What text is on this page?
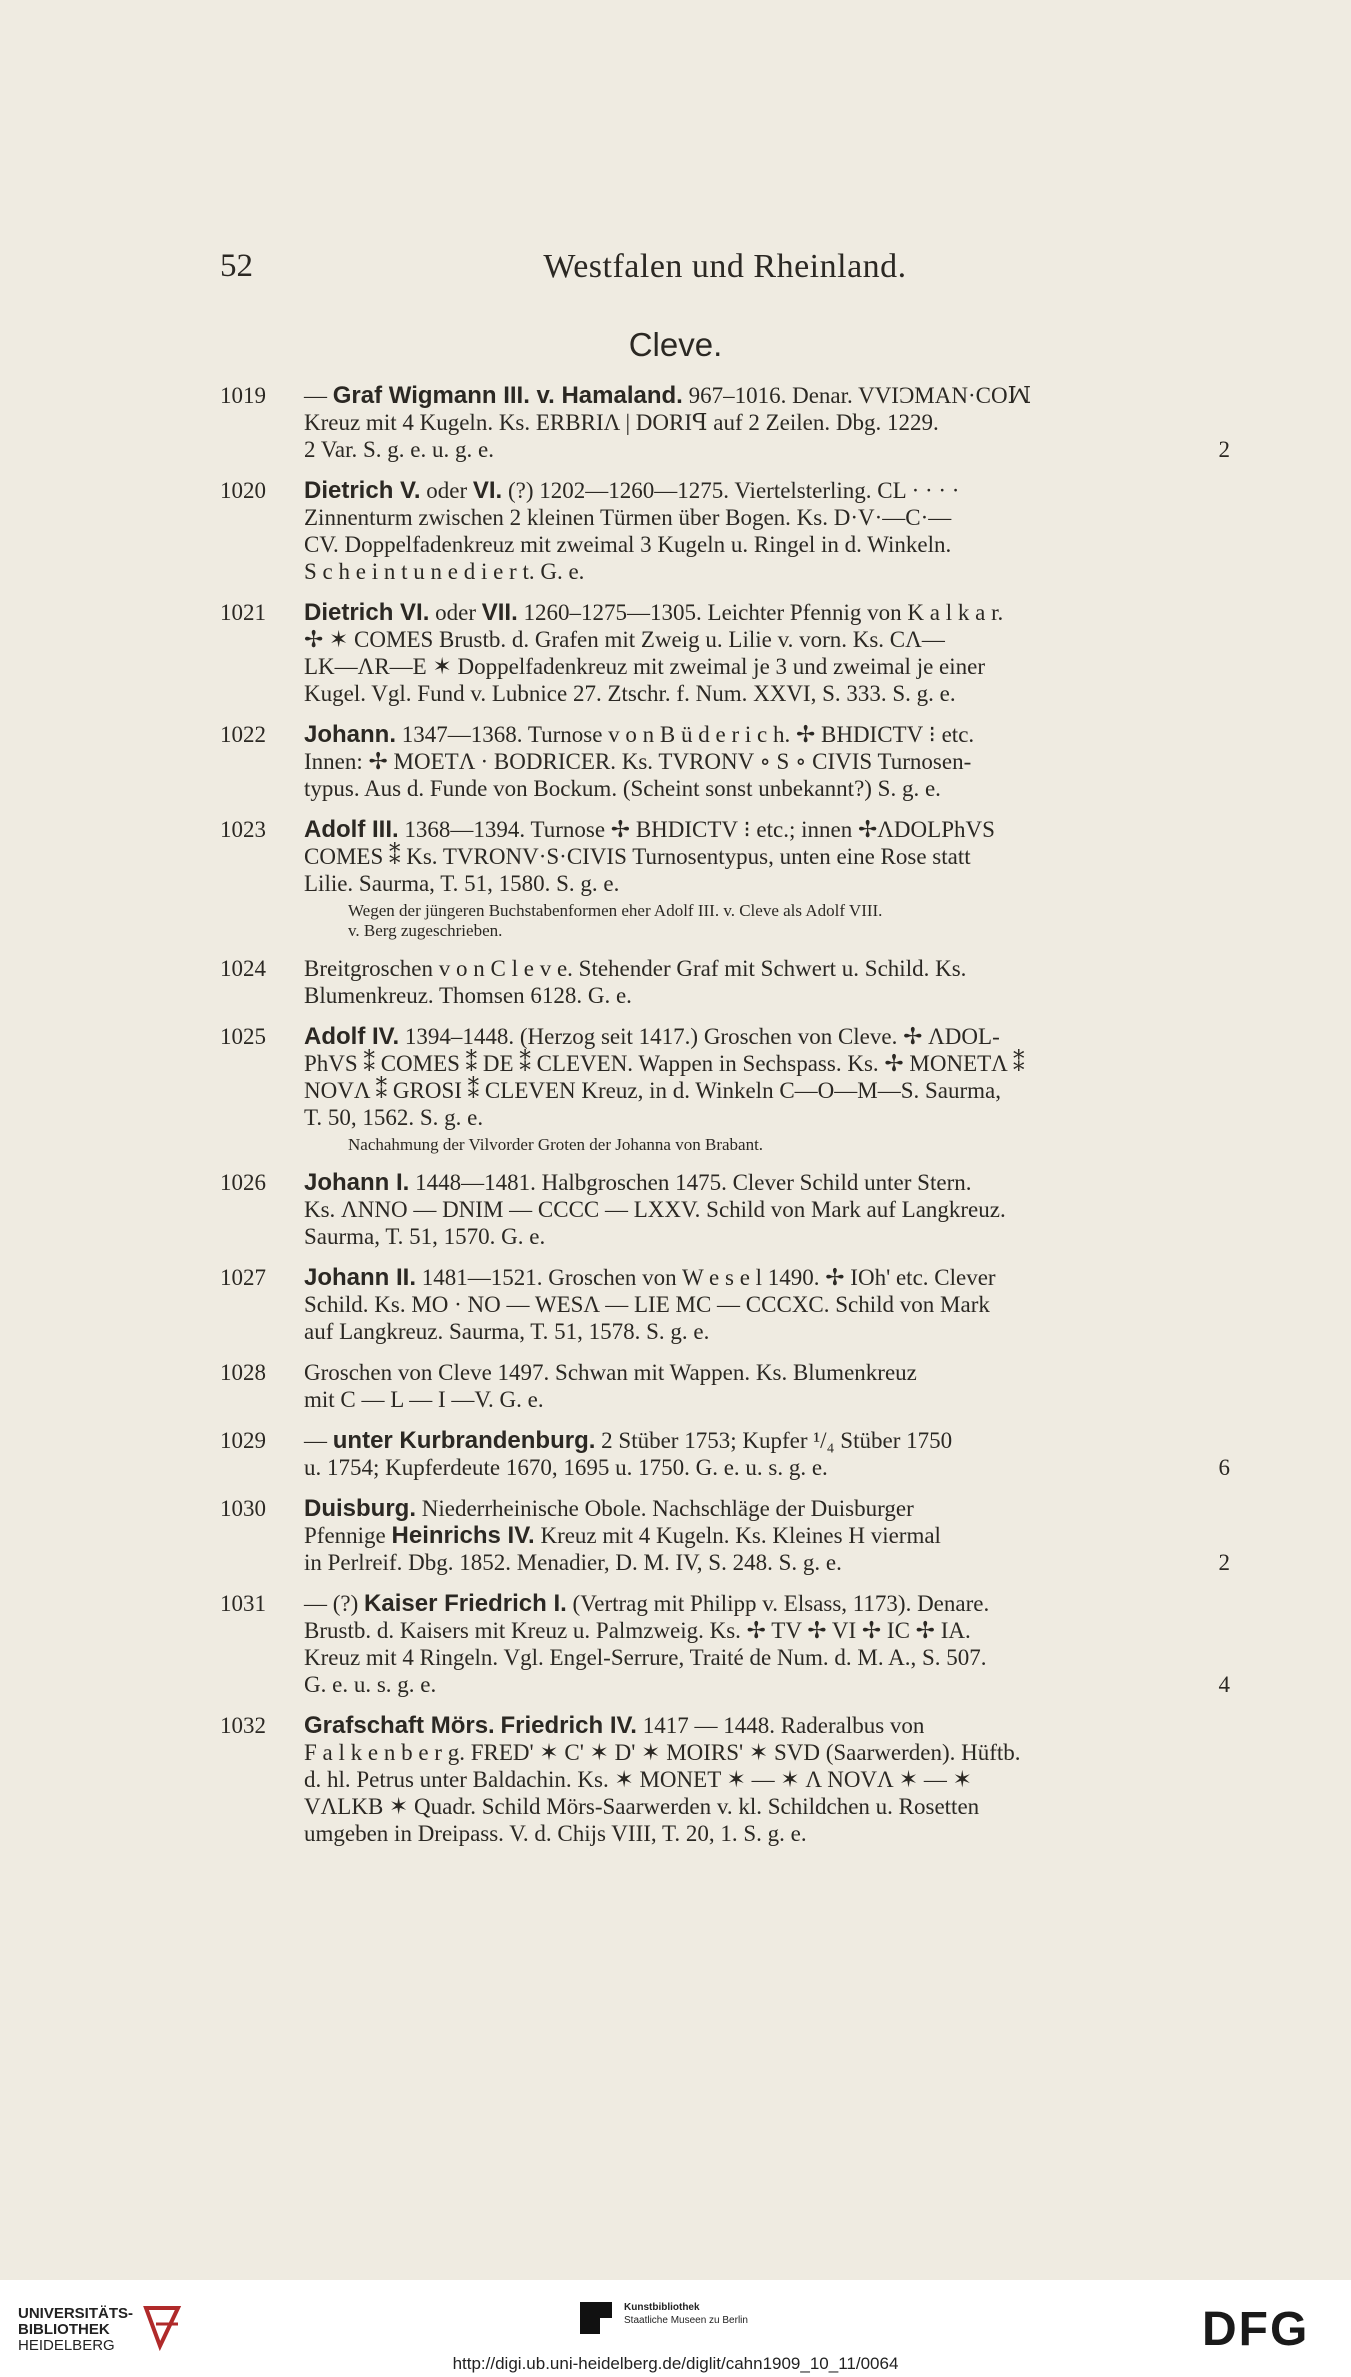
52	Westfalen und Rheinland.
Cleve.
1019 — Graf Wigmann III. v. Hamaland. 967–1016. Denar. VVIƆMAN·COꟽ
Kreuz mit 4 Kugeln. Ks. ERBRIΛ | DORIꟼ auf 2 Zeilen. Dbg. 1229.
2 Var. S. g. e. u. g. e.	2
1020 Dietrich V. oder VI. (?) 1202—1260—1275. Viertelsterling. CL · · · ·
Zinnenturm zwischen 2 kleinen Türmen über Bogen. Ks. D·V·—C·—
CV. Doppelfadenkreuz mit zweimal 3 Kugeln u. Ringel in d. Winkeln.
S c h e i n t u n e d i e r t. G. e.
1021 Dietrich VI. oder VII. 1260–1275—1305. Leichter Pfennig von K a l k a r.
✢ ✶ COMES Brustb. d. Grafen mit Zweig u. Lilie v. vorn. Ks. CΛ—
LK—ΛR—E ✶ Doppelfadenkreuz mit zweimal je 3 und zweimal je einer
Kugel. Vgl. Fund v. Lubnice 27. Ztschr. f. Num. XXVI, S. 333. S. g. e.
1022 Johann. 1347—1368. Turnose v o n B ü d e r i c h. ✢ BHDICTV ⁝ etc.
Innen: ✢ MOETΛ · BODRICER. Ks. TVRONV ∘ S ∘ CIVIS Turnosen-
typus. Aus d. Funde von Bockum. (Scheint sonst unbekannt?) S. g. e.
1023 Adolf III. 1368—1394. Turnose ✢ BHDICTV ⁝ etc.; innen ✢ΛDOLPhVS
COMES ⁑ Ks. TVRONV·S·CIVIS Turnosentypus, unten eine Rose statt
Lilie. Saurma, T. 51, 1580. S. g. e.
Wegen der jüngeren Buchstabenformen eher Adolf III. v. Cleve als Adolf VIII.
v. Berg zugeschrieben.
1024 Breitgroschen v o n C l e v e. Stehender Graf mit Schwert u. Schild. Ks.
Blumenkreuz. Thomsen 6128. G. e.
1025 Adolf IV. 1394–1448. (Herzog seit 1417.) Groschen von Cleve. ✢ ΛDOL-
PhVS ⁑ COMES ⁑ DE ⁑ CLEVEN. Wappen in Sechspass. Ks. ✢ MONETΛ ⁑
NOVΛ ⁑ GROSI ⁑ CLEVEN Kreuz, in d. Winkeln C—O—M—S. Saurma,
T. 50, 1562. S. g. e.
Nachahmung der Vilvorder Groten der Johanna von Brabant.
1026 Johann I. 1448—1481. Halbgroschen 1475. Clever Schild unter Stern.
Ks. ΛNNO — DNIM — CCCC — LXXV. Schild von Mark auf Langkreuz.
Saurma, T. 51, 1570. G. e.
1027 Johann II. 1481—1521. Groschen von W e s e l 1490. ✢ IOh' etc. Clever
Schild. Ks. MO · NO — WESΛ — LIE MC — CCCXC. Schild von Mark
auf Langkreuz. Saurma, T. 51, 1578. S. g. e.
1028 Groschen von Cleve 1497. Schwan mit Wappen. Ks. Blumenkreuz
mit C — L — I —V. G. e.
1029 — unter Kurbrandenburg. 2 Stüber 1753; Kupfer ¹/₄ Stüber 1750
u. 1754; Kupferdeute 1670, 1695 u. 1750. G. e. u. s. g. e.	6
1030 Duisburg. Niederrheinische Obole. Nachschläge der Duisburger
Pfennige Heinrichs IV. Kreuz mit 4 Kugeln. Ks. Kleines H viermal
in Perlreif. Dbg. 1852. Menadier, D. M. IV, S. 248. S. g. e.	2
1031 — (?) Kaiser Friedrich I. (Vertrag mit Philipp v. Elsass, 1173). Denare.
Brustb. d. Kaisers mit Kreuz u. Palmzweig. Ks. ✢ TV ✢ VI ✢ IC ✢ IA.
Kreuz mit 4 Ringeln. Vgl. Engel-Serrure, Traité de Num. d. M. A., S. 507.
G. e. u. s. g. e.	4
1032 Grafschaft Mörs. Friedrich IV. 1417 — 1448. Raderalbus von
F a l k e n b e r g. FRED' ✶ C' ✶ D' ✶ MOIRS' ✶ SVD (Saarwerden). Hüftb.
d. hl. Petrus unter Baldachin. Ks. ✶ MONET ✶ — ✶ Λ NOVΛ ✶ — ✶
VΛLKB ✶ Quadr. Schild Mörs-Saarwerden v. kl. Schildchen u. Rosetten
umgeben in Dreipass. V. d. Chijs VIII, T. 20, 1. S. g. e.
UNIVERSITÄTS-
BIBLIOTHEK
HEIDELBERG
Kunstbibliothek
Staatliche Museen zu Berlin	DFG
http://digi.ub.uni-heidelberg.de/diglit/cahn1909_10_11/0064
